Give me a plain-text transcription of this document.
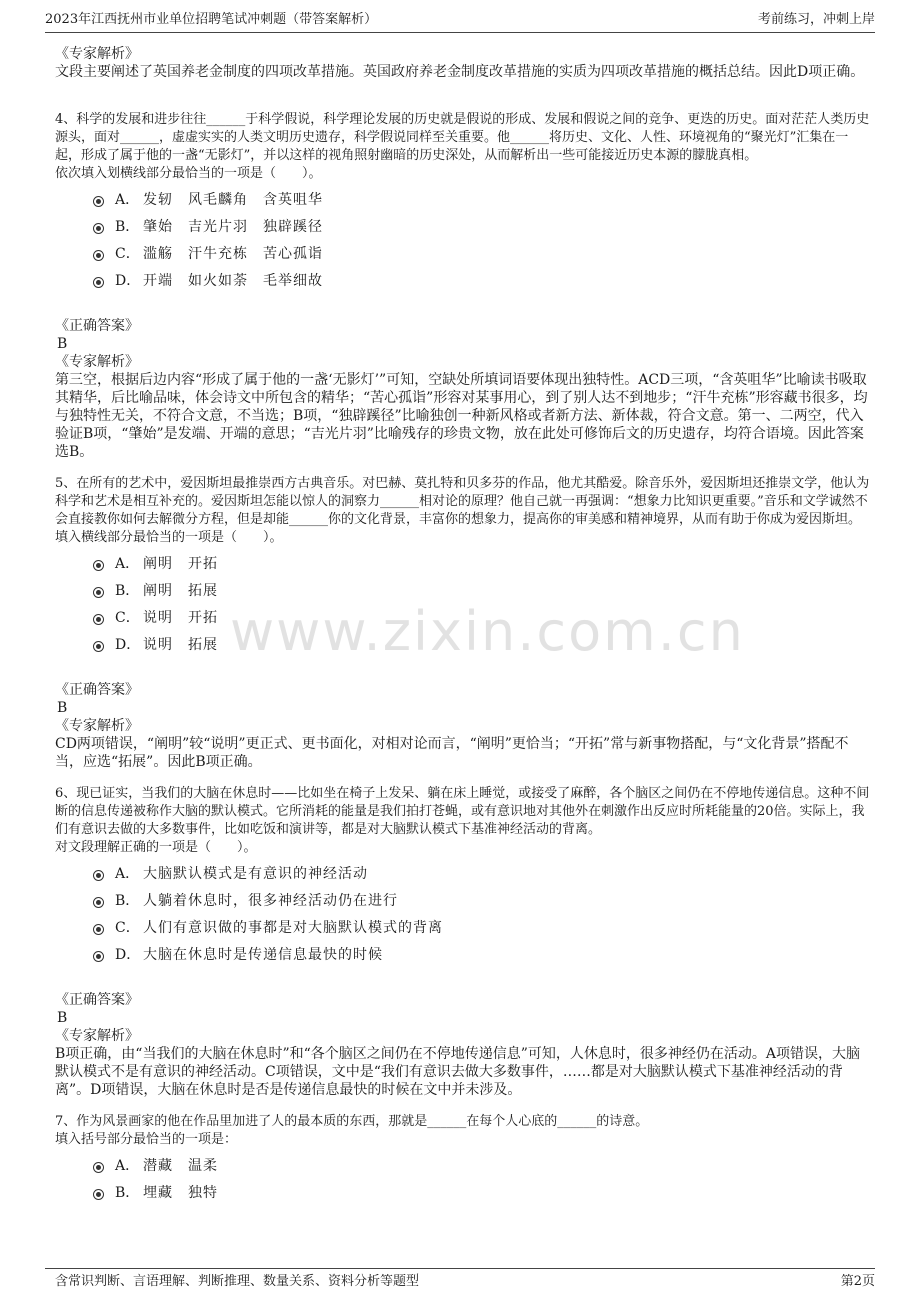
2023年江西抚州市业单位招聘笔试冲刺题（带答案解析）	考前练习，冲刺上岸
www.zixin.com.cn
《专家解析》
文段主要阐述了英国养老金制度的四项改革措施。英国政府养老金制度改革措施的实质为四项改革措施的概括总结。因此D项正确。
4、科学的发展和进步往往______于科学假说，科学理论发展的历史就是假说的形成、发展和假说之间的竞争、更迭的历史。面对茫茫人类历史源头，面对______，虚虚实实的人类文明历史遗存，科学假说同样至关重要。他______将历史、文化、人性、环境视角的“聚光灯”汇集在一起，形成了属于他的一盏“无影灯”，并以这样的视角照射幽暗的历史深处，从而解析出一些可能接近历史本源的朦胧真相。
依次填入划横线部分最恰当的一项是（　　）。
A． 发轫　风毛麟角　含英咀华
B． 肇始　吉光片羽　独辟蹊径
C． 滥觞　汗牛充栋　苦心孤诣
D． 开端　如火如荼　毛举细故
《正确答案》
B
《专家解析》
第三空，根据后边内容“形成了属于他的一盏‘无影灯’”可知，空缺处所填词语要体现出独特性。ACD三项，“含英咀华”比喻读书吸取其精华，后比喻品味，体会诗文中所包含的精华；“苦心孤诣”形容对某事用心，到了别人达不到地步；“汗牛充栋”形容藏书很多，均与独特性无关，不符合文意，不当选；B项，“独辟蹊径”比喻独创一种新风格或者新方法、新体裁，符合文意。第一、二两空，代入验证B项，“肇始”是发端、开端的意思；“吉光片羽”比喻残存的珍贵文物，放在此处可修饰后文的历史遗存，均符合语境。因此答案选B。
5、在所有的艺术中，爱因斯坦最推崇西方古典音乐。对巴赫、莫扎特和贝多芬的作品，他尤其酷爱。除音乐外，爱因斯坦还推崇文学，他认为科学和艺术是相互补充的。爱因斯坦怎能以惊人的洞察力______相对论的原理？他自己就一再强调：“想象力比知识更重要。”音乐和文学诚然不会直接教你如何去解微分方程，但是却能______你的文化背景，丰富你的想象力，提高你的审美感和精神境界，从而有助于你成为爱因斯坦。
填入横线部分最恰当的一项是（　　）。
A． 阐明　开拓
B． 阐明　拓展
C． 说明　开拓
D． 说明　拓展
《正确答案》
B
《专家解析》
CD两项错误，“阐明”较“说明”更正式、更书面化，对相对论而言，“阐明”更恰当；“开拓”常与新事物搭配，与“文化背景”搭配不当，应选“拓展”。因此B项正确。
6、现已证实，当我们的大脑在休息时——比如坐在椅子上发呆、躺在床上睡觉，或接受了麻醉，各个脑区之间仍在不停地传递信息。这种不间断的信息传递被称作大脑的默认模式。它所消耗的能量是我们拍打苍蝇，或有意识地对其他外在刺激作出反应时所耗能量的20倍。实际上，我们有意识去做的大多数事件，比如吃饭和演讲等，都是对大脑默认模式下基准神经活动的背离。
对文段理解正确的一项是（　　）。
A． 大脑默认模式是有意识的神经活动
B． 人躺着休息时，很多神经活动仍在进行
C． 人们有意识做的事都是对大脑默认模式的背离
D． 大脑在休息时是传递信息最快的时候
《正确答案》
B
《专家解析》
B项正确，由“当我们的大脑在休息时”和“各个脑区之间仍在不停地传递信息”可知，人休息时，很多神经仍在活动。A项错误，大脑默认模式不是有意识的神经活动。C项错误，文中是“我们有意识去做大多数事件，……都是对大脑默认模式下基准神经活动的背离”。D项错误，大脑在休息时是否是传递信息最快的时候在文中并未涉及。
7、作为风景画家的他在作品里加进了人的最本质的东西，那就是______在每个人心底的______的诗意。
填入括号部分最恰当的一项是：
A． 潜藏　温柔
B． 埋藏　独特
含常识判断、言语理解、判断推理、数量关系、资料分析等题型	第2页
